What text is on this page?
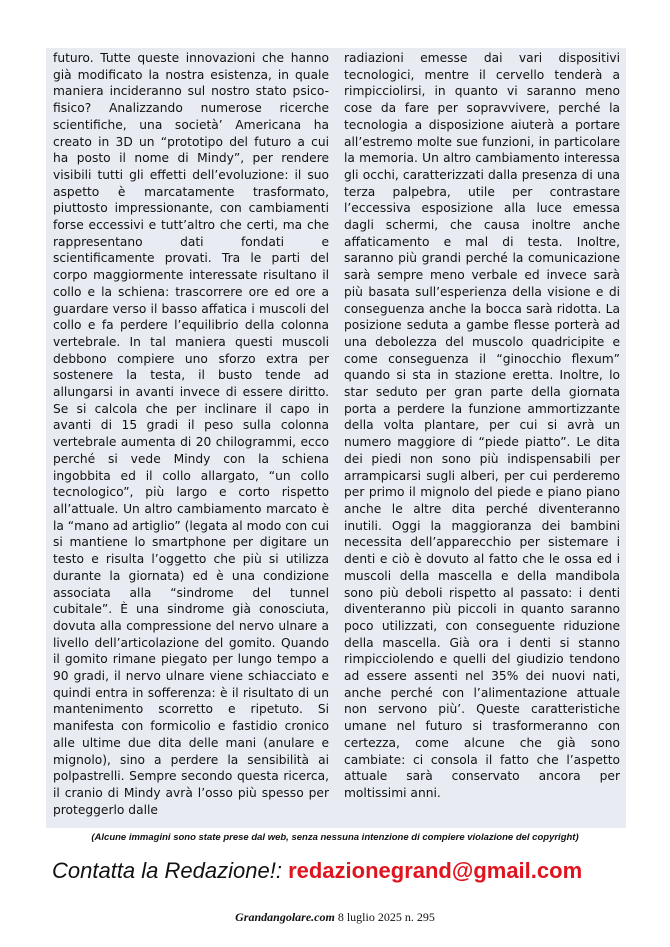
futuro. Tutte queste innovazioni che hanno già modificato la nostra esistenza, in quale maniera incideranno sul nostro stato psico-fisico? Analizzando numerose ricerche scientifiche, una società’ Americana ha creato in 3D un “prototipo del futuro a cui ha posto il nome di Mindy”, per rendere visibili tutti gli effetti dell’evoluzione: il suo aspetto è marcatamente trasformato, piuttosto impressionante, con cambiamenti forse eccessivi e tutt’altro che certi, ma che rappresentano dati fondati e scientificamente provati. Tra le parti del corpo maggiormente interessate risultano il collo e la schiena: trascorrere ore ed ore a guardare verso il basso affatica i muscoli del collo e fa perdere l’equilibrio della colonna vertebrale. In tal maniera questi muscoli debbono compiere uno sforzo extra per sostenere la testa, il busto tende ad allungarsi in avanti invece di essere diritto. Se si calcola che per inclinare il capo in avanti di 15 gradi il peso sulla colonna vertebrale aumenta di 20 chilogrammi, ecco perché si vede Mindy con la schiena ingobbita ed il collo allargato, “un collo tecnologico”, più largo e corto rispetto all’attuale. Un altro cambiamento marcato è la “mano ad artiglio” (legata al modo con cui si mantiene lo smartphone per digitare un testo e risulta l’oggetto che più si utilizza durante la giornata) ed è una condizione associata alla “sindrome del tunnel cubitale”. È una sindrome già conosciuta, dovuta alla compressione del nervo ulnare a livello dell’articolazione del gomito. Quando il gomito rimane piegato per lungo tempo a 90 gradi, il nervo ulnare viene schiacciato e quindi entra in sofferenza: è il risultato di un mantenimento scorretto e ripetuto. Si manifesta con formicolio e fastidio cronico alle ultime due dita delle mani (anulare e mignolo), sino a perdere la sensibilità ai polpastrelli. Sempre secondo questa ricerca, il cranio di Mindy avrà l’osso più spesso per proteggerlo dalle

radiazioni emesse dai vari dispositivi tecnologici, mentre il cervello tenderà a rimpicciolirsi, in quanto vi saranno meno cose da fare per sopravvivere, perché la tecnologia a disposizione aiuterà a portare all’estremo molte sue funzioni, in particolare la memoria. Un altro cambiamento interessa gli occhi, caratterizzati dalla presenza di una terza palpebra, utile per contrastare l’eccessiva esposizione alla luce emessa dagli schermi, che causa inoltre anche affaticamento e mal di testa. Inoltre, saranno più grandi perché la comunicazione sarà sempre meno verbale ed invece sarà più basata sull’esperienza della visione e di conseguenza anche la bocca sarà ridotta. La posizione seduta a gambe flesse porterà ad una debolezza del muscolo quadricipite e come conseguenza il “ginocchio flexum” quando si sta in stazione eretta. Inoltre, lo star seduto per gran parte della giornata porta a perdere la funzione ammortizzante della volta plantare, per cui si avrà un numero maggiore di “piede piatto”. Le dita dei piedi non sono più indispensabili per arrampicarsi sugli alberi, per cui perderemo per primo il mignolo del piede e piano piano anche le altre dita perché diventeranno inutili. Oggi la maggioranza dei bambini necessita dell’apparecchio per sistemare i denti e ciò è dovuto al fatto che le ossa ed i muscoli della mascella e della mandibola sono più deboli rispetto al passato: i denti diventeranno più piccoli in quanto saranno poco utilizzati, con conseguente riduzione della mascella. Già ora i denti si stanno rimpicciolendo e quelli del giudizio tendono ad essere assenti nel 35% dei nuovi nati, anche perché con l’alimentazione attuale non servono più’. Queste caratteristiche umane nel futuro si trasformeranno con certezza, come alcune che già sono cambiate: ci consola il fatto che l’aspetto attuale sarà conservato ancora per moltissimi anni.

(Alcune immagini sono state prese dal web, senza nessuna intenzione di compiere violazione del copyright)
Contatta la Redazione!: redazionegrand@gmail.com
Grandangolare.com 8 luglio 2025 n. 295
